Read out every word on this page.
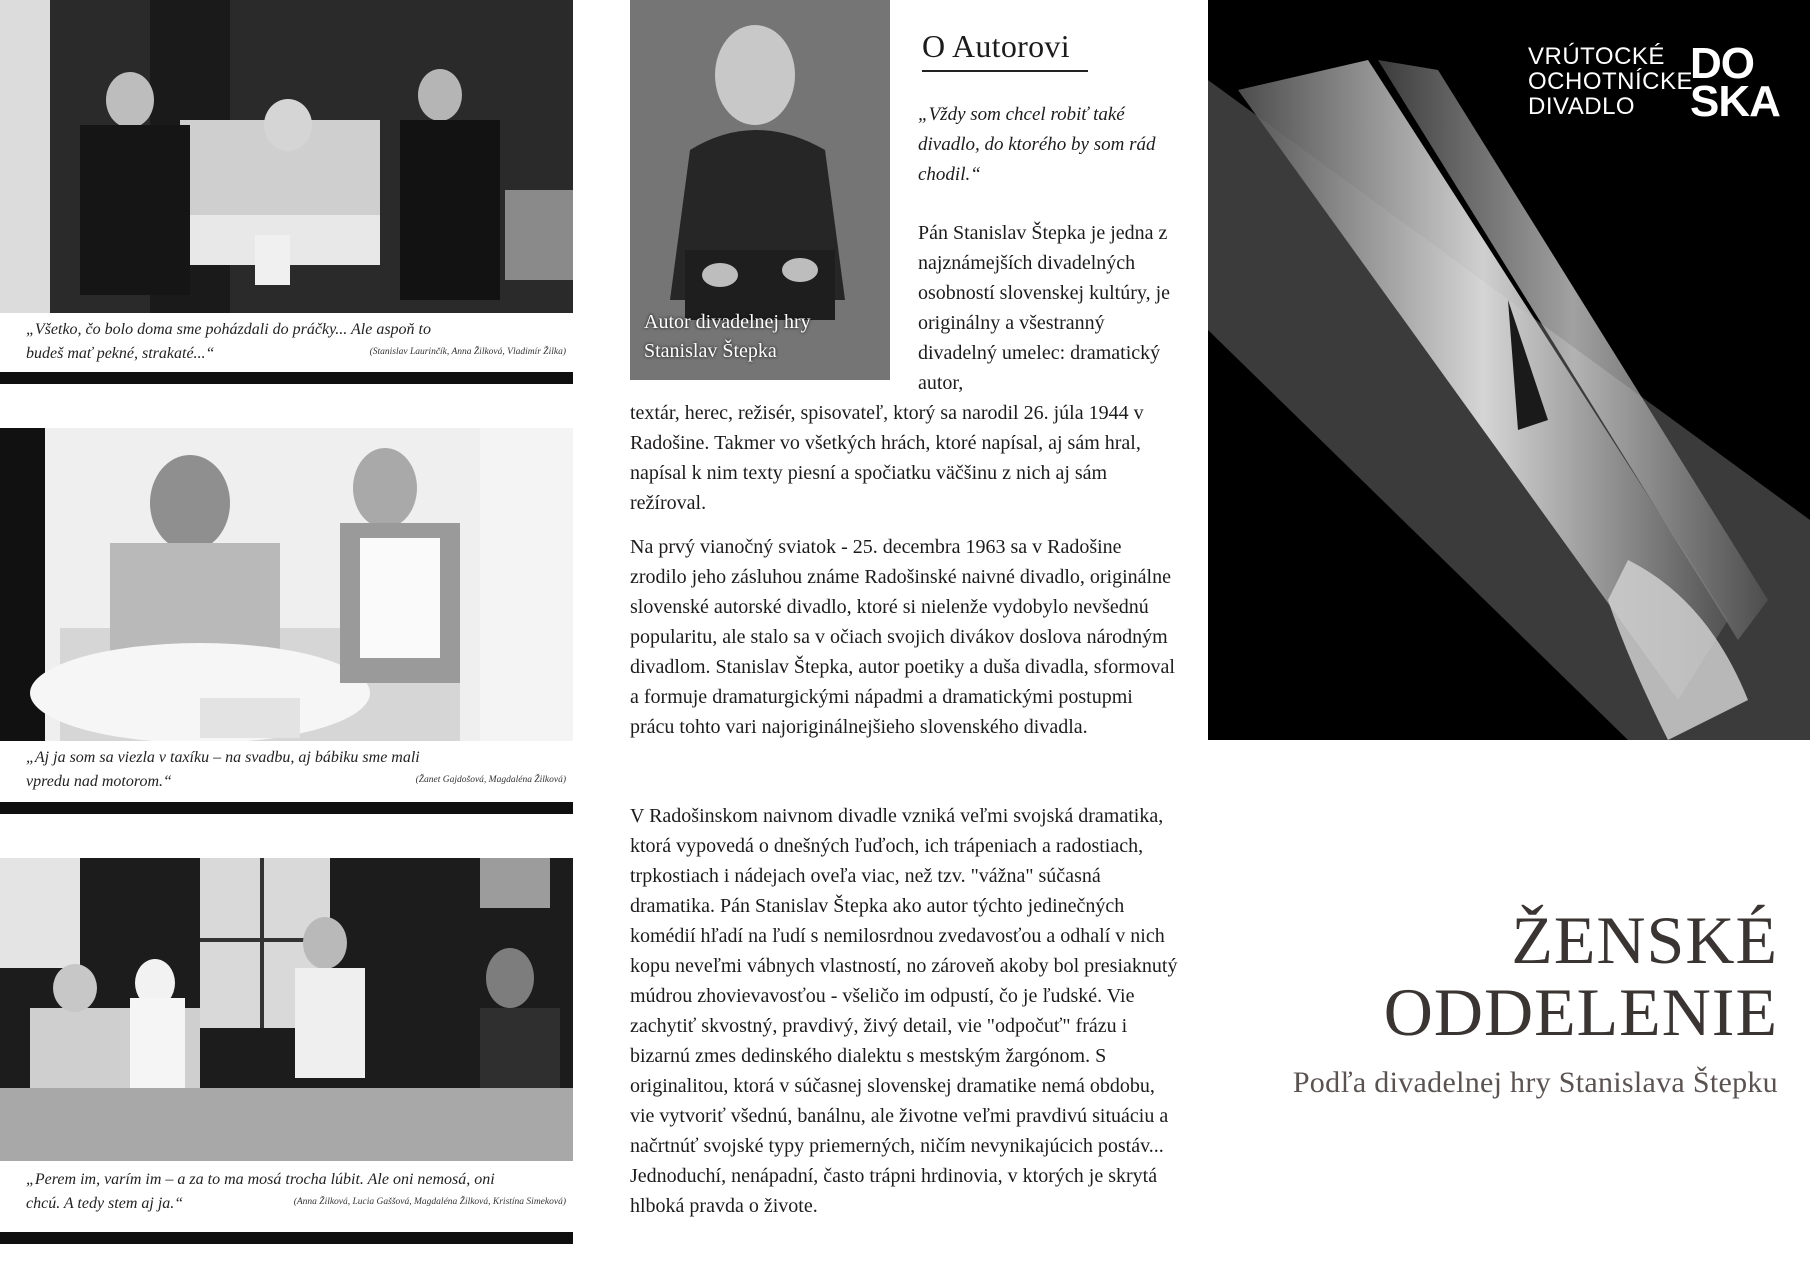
„Všetko, čo bolo doma sme poházdali do práčky... Ale aspoň to budeš mať pekné, strakaté...“	(Stanislav Laurinčík, Anna Žilková, Vladimír Žilka)
„Aj ja som sa viezla v taxíku – na svadbu, aj bábiku sme mali vpredu nad motorom.“	(Žanet Gajdošová, Magdaléna Žilková)
„Perem im, varím im – a za to ma mosá trocha lúbit. Ale oni nemosá, oni chcú. A tedy stem aj ja.“	(Anna Žilková, Lucia Gaššová, Magdaléna Žilková, Kristína Simeková)
Autor divadelnej hry Stanislav Štepka
O Autorovi

„Vždy som chcel robiť také divadlo, do ktorého by som rád chodil.“

Pán Stanislav Štepka je jedna z najznámejších divadelných osobností slovenskej kultúry, je originálny a všestranný divadelný umelec: dramatický autor,

textár, herec, režisér, spisovateľ, ktorý sa narodil 26. júla 1944 v Radošine. Takmer vo všetkých hrách, ktoré napísal, aj sám hral, napísal k nim texty piesní a spočiatku väčšinu z nich aj sám režíroval.

Na prvý vianočný sviatok - 25. decembra 1963 sa v Radošine zrodilo jeho zásluhou známe Radošinské naivné divadlo, originálne slovenské autorské divadlo, ktoré si nielenže vydobylo nevšednú popularitu, ale stalo sa v očiach svojich divákov doslova národným divadlom. Stanislav Štepka, autor poetiky a duša divadla, sformoval a formuje dramaturgickými nápadmi a dramatickými postupmi prácu tohto vari najoriginálnejšieho slovenského divadla.

V Radošinskom naivnom divadle vzniká veľmi svojská dramatika, ktorá vypovedá o dnešných ľuďoch, ich trápeniach a radostiach, trpkostiach i nádejach oveľa viac, než tzv. "vážna" súčasná dramatika. Pán Stanislav Štepka ako autor týchto jedinečných komédií hľadí na ľudí s nemilosrdnou zvedavosťou a odhalí v nich kopu neveľmi vábnych vlastností, no zároveň akoby bol presiaknutý múdrou zhovievavosťou - všeličo im odpustí, čo je ľudské. Vie zachytiť skvostný, pravdivý, živý detail, vie "odpočuť" frázu i bizarnú zmes dedinského dialektu s mestským žargónom. S originalitou, ktorá v súčasnej slovenskej dramatike nemá obdobu, vie vytvoriť všednú, banálnu, ale životne veľmi pravdivú situáciu a načrtnúť svojské typy priemerných, ničím nevynikajúcich postáv... Jednoduchí, nenápadní, často trápni hrdinovia, v ktorých je skrytá hlboká pravda o živote.

VRÚTOCKÉ
OCHOTNÍCKE
DIVADLO
DO
SKA
ŽENSKÉ
ODDELENIE

Podľa divadelnej hry Stanislava Štepku
